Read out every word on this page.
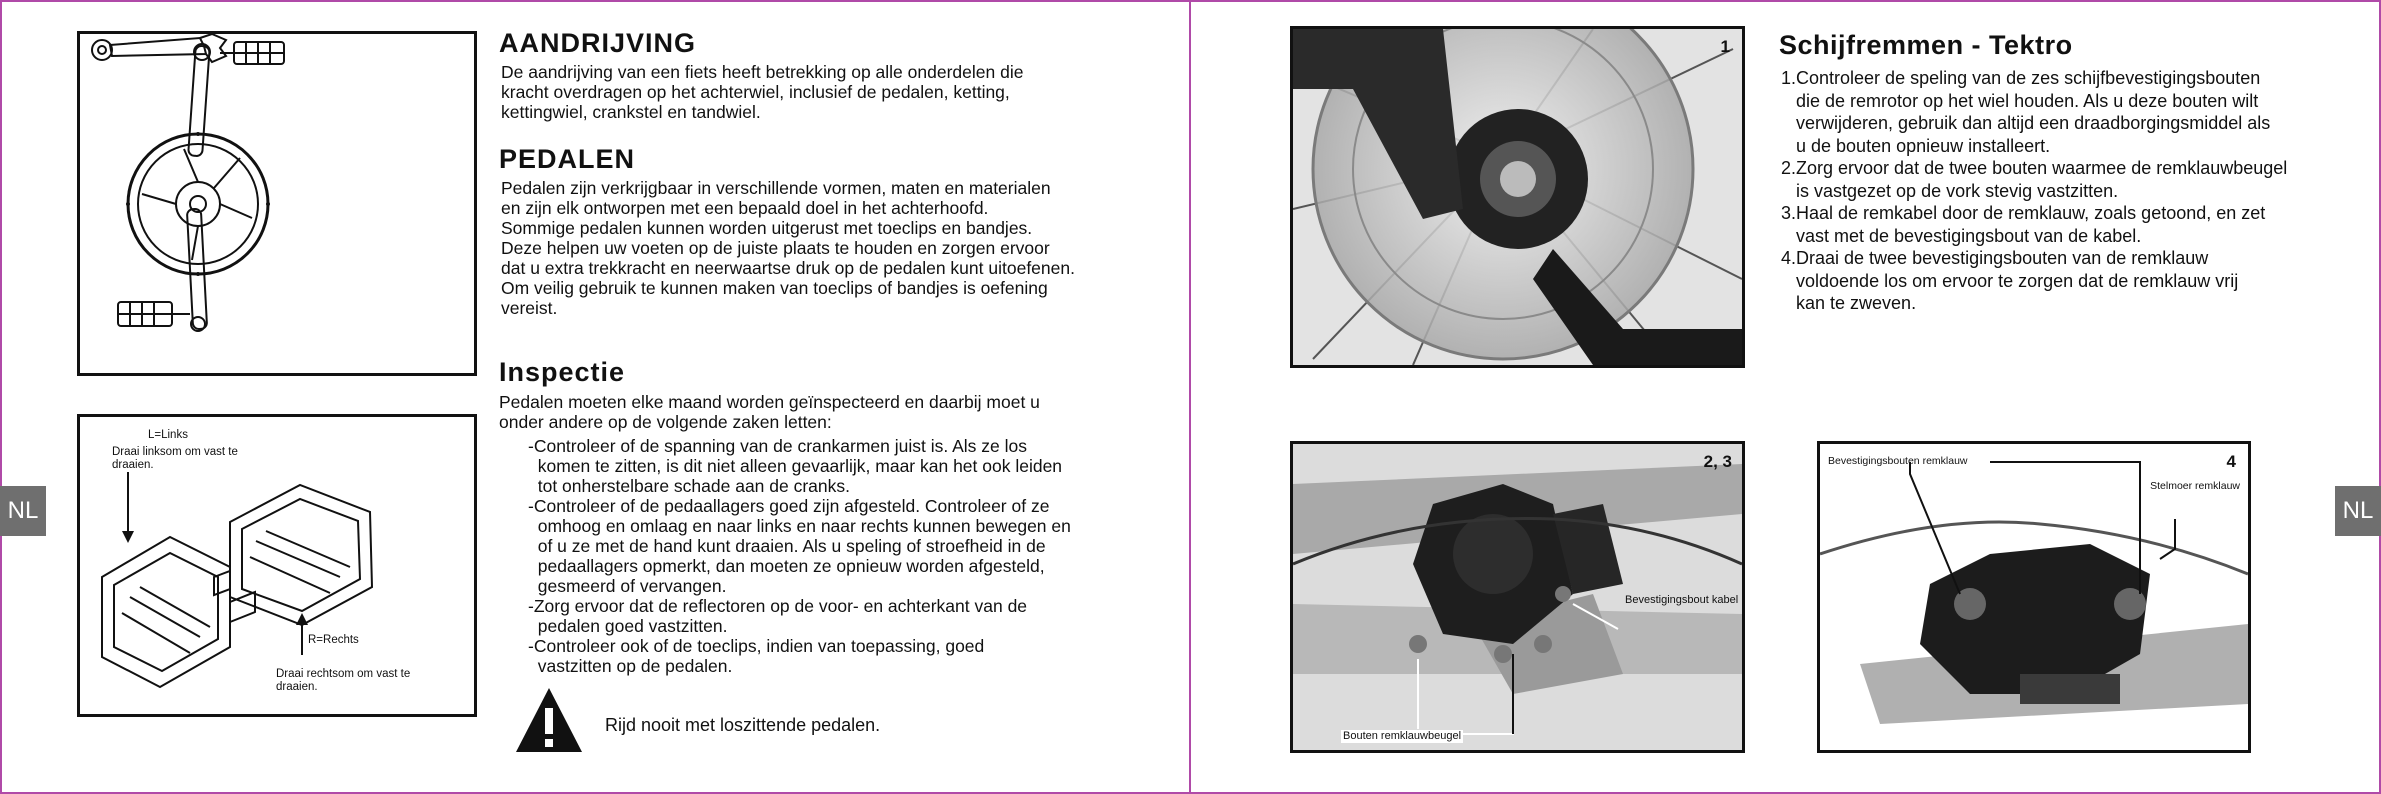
NL	NL
L=Links
Draai linksom om vast te
draaien.
R=Rechts
Draai rechtsom om vast te
draaien.
AANDRIJVING

De aandrijving van een fiets heeft betrekking op alle onderdelen die

kracht overdragen op het achterwiel, inclusief de pedalen, ketting,

kettingwiel, crankstel en tandwiel.

PEDALEN

Pedalen zijn verkrijgbaar in verschillende vormen, maten en materialen

en zijn elk ontworpen met een bepaald doel in het achterhoofd.

Sommige pedalen kunnen worden uitgerust met toeclips en bandjes.

Deze helpen uw voeten op de juiste plaats te houden en zorgen ervoor

dat u extra trekkracht en neerwaartse druk op de pedalen kunt uitoefenen.

Om veilig gebruik te kunnen maken van toeclips of bandjes is oefening

vereist.

Inspectie

Pedalen moeten elke maand worden geïnspecteerd en daarbij moet u

onder andere op de volgende zaken letten:

-Controleer of de spanning van de crankarmen juist is. Als ze los
komen te zitten, is dit niet alleen gevaarlijk, maar kan het ook leiden
tot onherstelbare schade aan de cranks.
-Controleer of de pedaallagers goed zijn afgesteld. Controleer of ze
omhoog en omlaag en naar links en naar rechts kunnen bewegen en
of u ze met de hand kunt draaien. Als u speling of stroefheid in de
pedaallagers opmerkt, dan moeten ze opnieuw worden afgesteld,
gesmeerd of vervangen.
-Zorg ervoor dat de reflectoren op de voor- en achterkant van de
pedalen goed vastzitten.
-Controleer ook of de toeclips, indien van toepassing, goed
vastzitten op de pedalen.
Rijd nooit met loszittende pedalen.
1 Schijfremmen - Tektro
1.Controleer de speling van de zes schijfbevestigingsbouten
die de remrotor op het wiel houden. Als u deze bouten wilt
verwijderen, gebruik dan altijd een draadborgingsmiddel als
u de bouten opnieuw installeert.
2.Zorg ervoor dat de twee bouten waarmee de remklauwbeugel
is vastgezet op de vork stevig vastzitten.
3.Haal de remkabel door de remklauw, zoals getoond, en zet
vast met de bevestigingsbout van de kabel.
4.Draai de twee bevestigingsbouten van de remklauw
voldoende los om ervoor te zorgen dat de remklauw vrij
kan te zweven.
2, 3
Bevestigingsbout kabel
Bouten remklauwbeugel
4
Bevestigingsbouten remklauw
Stelmoer remklauw
